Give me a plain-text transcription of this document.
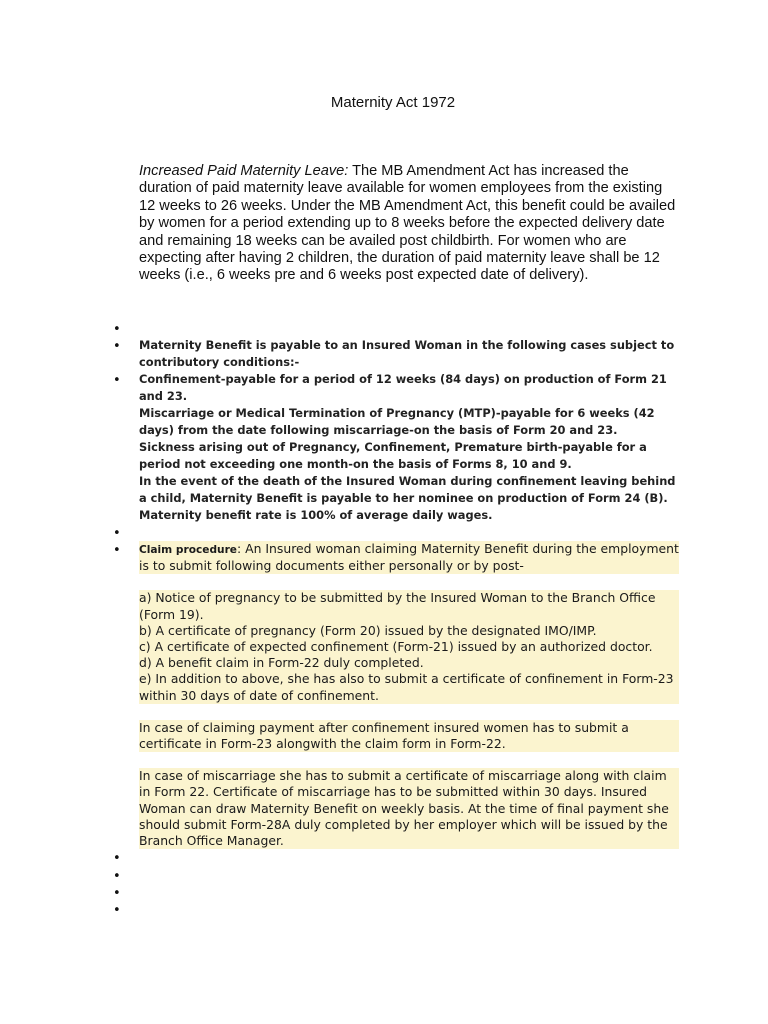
Maternity Act 1972
Increased Paid Maternity Leave: The MB Amendment Act has increased the duration of paid maternity leave available for women employees from the existing 12 weeks to 26 weeks. Under the MB Amendment Act, this benefit could be availed by women for a period extending up to 8 weeks before the expected delivery date and remaining 18 weeks can be availed post childbirth. For women who are expecting after having 2 children, the duration of paid maternity leave shall be 12 weeks (i.e., 6 weeks pre and 6 weeks post expected date of delivery).
•
•
•
•
•
•
•
•
•
Maternity Benefit is payable to an Insured Woman in the following cases subject to contributory conditions:-
Confinement-payable for a period of 12 weeks (84 days) on production of Form 21 and 23.
Miscarriage or Medical Termination of Pregnancy (MTP)-payable for 6 weeks (42 days) from the date following miscarriage-on the basis of Form 20 and 23.
Sickness arising out of Pregnancy, Confinement, Premature birth-payable for a period not exceeding one month-on the basis of Forms 8, 10 and 9.
In the event of the death of the Insured Woman during confinement leaving behind a child, Maternity Benefit is payable to her nominee on production of Form 24 (B).
Maternity benefit rate is 100% of average daily wages.
Claim procedure: An Insured woman claiming Maternity Benefit during the employment is to submit following documents either personally or by post-
a) Notice of pregnancy to be submitted by the Insured Woman to the Branch Office (Form 19).
b) A certificate of pregnancy (Form 20) issued by the designated IMO/IMP.
c) A certificate of expected confinement (Form-21) issued by an authorized doctor.
d) A benefit claim in Form-22 duly completed.
e) In addition to above, she has also to submit a certificate of confinement in Form-23 within 30 days of date of confinement.
In case of claiming payment after confinement insured women has to submit a certificate in Form-23 alongwith the claim form in Form-22.
In case of miscarriage she has to submit a certificate of miscarriage along with claim in Form 22. Certificate of miscarriage has to be submitted within 30 days. Insured Woman can draw Maternity Benefit on weekly basis. At the time of final payment she should submit Form-28A duly completed by her employer which will be issued by the Branch Office Manager.
